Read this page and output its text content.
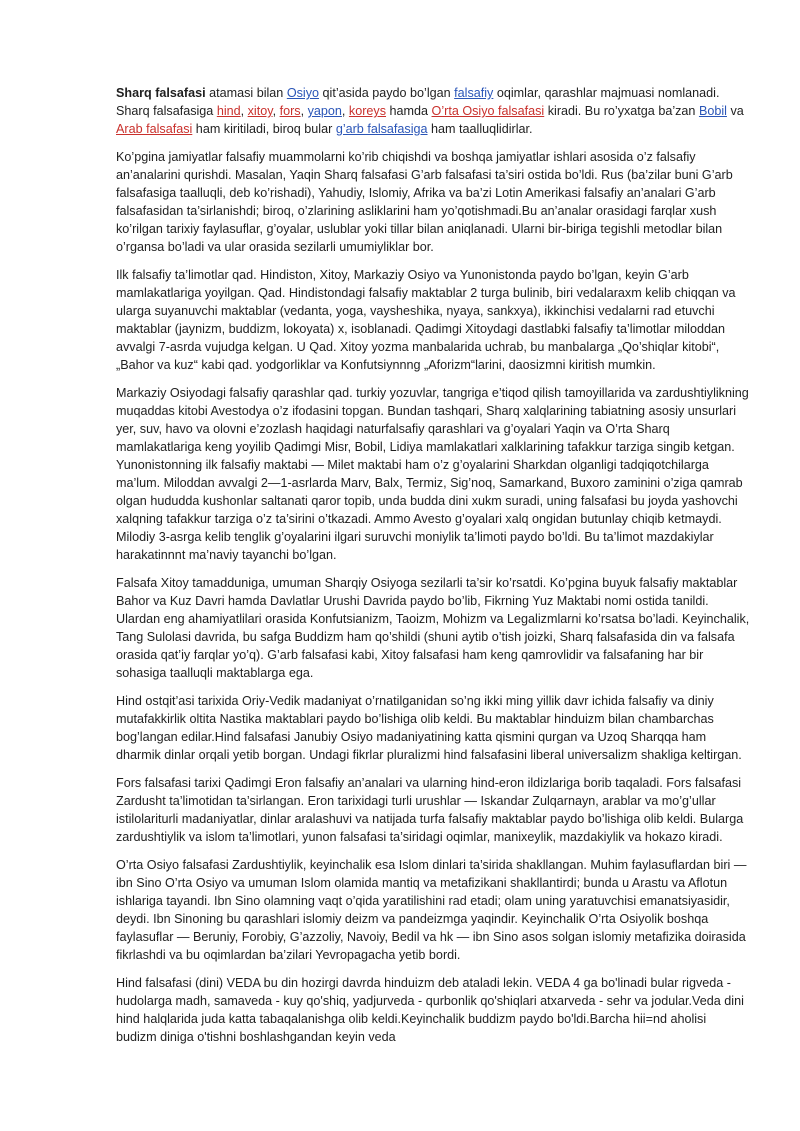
Sharq falsafasi atamasi bilan Osiyo qit’asida paydo bo’lgan falsafiy oqimlar, qarashlar majmuasi nomlanadi. Sharq falsafasiga hind, xitoy, fors, yapon, koreys hamda O’rta Osiyo falsafasi kiradi. Bu ro’yxatga ba’zan Bobil va Arab falsafasi ham kiritiladi, biroq bular g’arb falsafasiga ham taalluqlidirlar.

Ko’pgina jamiyatlar falsafiy muammolarni ko’rib chiqishdi va boshqa jamiyatlar ishlari asosida o’z falsafiy an’analarini qurishdi. Masalan, Yaqin Sharq falsafasi G’arb falsafasi ta’siri ostida bo’ldi. Rus (ba’zilar buni G’arb falsafasiga taalluqli, deb ko’rishadi), Yahudiy, Islomiy, Afrika va ba’zi Lotin Amerikasi falsafiy an’analari G’arb falsafasidan ta’sirlanishdi; biroq, o’zlarining asliklarini ham yo’qotishmadi.Bu an’analar orasidagi farqlar xush ko’rilgan tarixiy faylasuflar, g’oyalar, uslublar yoki tillar bilan aniqlanadi. Ularni bir-biriga tegishli metodlar bilan o’rgansa bo’ladi va ular orasida sezilarli umumiyliklar bor.

Ilk falsafiy ta’limotlar qad. Hindiston, Xitoy, Markaziy Osiyo va Yunonistonda paydo bo’lgan, keyin G’arb mamlakatlariga yoyilgan. Qad. Hindistondagi falsafiy maktablar 2 turga bulinib, biri vedalaraxm kelib chiqqan va ularga suyanuvchi maktablar (vedanta, yoga, vaysheshika, nyaya, sankxya), ikkinchisi vedalarni rad etuvchi maktablar (jaynizm, buddizm, lokoyata) x, isoblanadi. Qadimgi Xitoydagi dastlabki falsafiy ta’limotlar miloddan avvalgi 7-asrda vujudga kelgan. U Qad. Xitoy yozma manbalarida uchrab, bu manbalarga „Qo’shiqlar kitobi“, „Bahor va kuz“ kabi qad. yodgorliklar va Konfutsiynnng „Aforizm“larini, daosizmni kiritish mumkin.

Markaziy Osiyodagi falsafiy qarashlar qad. turkiy yozuvlar, tangriga e’tiqod qilish tamoyillarida va zardushtiylikning muqaddas kitobi Avestodya o’z ifodasini topgan. Bundan tashqari, Sharq xalqlarining tabiatning asosiy unsurlari yer, suv, havo va olovni e’zozlash haqidagi naturfalsafiy qarashlari va g’oyalari Yaqin va O’rta Sharq mamlakatlariga keng yoyilib Qadimgi Misr, Bobil, Lidiya mamlakatlari xalklarining tafakkur tarziga singib ketgan. Yunonistonning ilk falsafiy maktabi — Milet maktabi ham o’z g’oyalarini Sharkdan olganligi tadqiqotchilarga ma’lum. Miloddan avvalgi 2—1-asrlarda Marv, Balx, Termiz, Sig’noq, Samarkand, Buxoro zaminini o’ziga qamrab olgan hududda kushonlar saltanati qaror topib, unda budda dini xukm suradi, uning falsafasi bu joyda yashovchi xalqning tafakkur tarziga o’z ta’sirini o’tkazadi. Ammo Avesto g’oyalari xalq ongidan butunlay chiqib ketmaydi. Milodiy 3-asrga kelib tenglik g’oyalarini ilgari suruvchi moniylik ta’limoti paydo bo’ldi. Bu ta’limot mazdakiylar harakatinnnt ma’naviy tayanchi bo’lgan.

Falsafa Xitoy tamadduniga, umuman Sharqiy Osiyoga sezilarli ta’sir ko’rsatdi. Ko’pgina buyuk falsafiy maktablar Bahor va Kuz Davri hamda Davlatlar Urushi Davrida paydo bo’lib, Fikrning Yuz Maktabi nomi ostida tanildi. Ulardan eng ahamiyatlilari orasida Konfutsianizm, Taoizm, Mohizm va Legalizmlarni ko’rsatsa bo’ladi. Keyinchalik, Tang Sulolasi davrida, bu safga Buddizm ham qo’shildi (shuni aytib o’tish joizki, Sharq falsafasida din va falsafa orasida qat’iy farqlar yo’q). G’arb falsafasi kabi, Xitoy falsafasi ham keng qamrovlidir va falsafaning har bir sohasiga taalluqli maktablarga ega.

Hind ostqit’asi tarixida Oriy-Vedik madaniyat o’rnatilganidan so’ng ikki ming yillik davr ichida falsafiy va diniy mutafakkirlik oltita Nastika maktablari paydo bo’lishiga olib keldi. Bu maktablar hinduizm bilan chambarchas bog’langan edilar.Hind falsafasi Janubiy Osiyo madaniyatining katta qismini qurgan va Uzoq Sharqqa ham dharmik dinlar orqali yetib borgan. Undagi fikrlar pluralizmi hind falsafasini liberal universalizm shakliga keltirgan.

Fors falsafasi tarixi Qadimgi Eron falsafiy an’analari va ularning hind-eron ildizlariga borib taqaladi. Fors falsafasi Zardusht ta’limotidan ta’sirlangan. Eron tarixidagi turli urushlar — Iskandar Zulqarnayn, arablar va mo’g’ullar istilolariturli madaniyatlar, dinlar aralashuvi va natijada turfa falsafiy maktablar paydo bo’lishiga olib keldi. Bularga zardushtiylik va islom ta’limotlari, yunon falsafasi ta’siridagi oqimlar, manixeylik, mazdakiylik va hokazo kiradi.

O’rta Osiyo falsafasi Zardushtiylik, keyinchalik esa Islom dinlari ta’sirida shakllangan. Muhim faylasuflardan biri — ibn Sino O’rta Osiyo va umuman Islom olamida mantiq va metafizikani shakllantirdi; bunda u Arastu va Aflotun ishlariga tayandi. Ibn Sino olamning vaqt o’qida yaratilishini rad etadi; olam uning yaratuvchisi emanatsiyasidir, deydi. Ibn Sinoning bu qarashlari islomiy deizm va pandeizmga yaqindir. Keyinchalik O’rta Osiyolik boshqa faylasuflar — Beruniy, Forobiy, G’azzoliy, Navoiy, Bedil va hk — ibn Sino asos solgan islomiy metafizika doirasida fikrlashdi va bu oqimlardan ba’zilari Yevropagacha yetib bordi.

Hind falsafasi (dini) VEDA bu din hozirgi davrda hinduizm deb ataladi lekin. VEDA 4 ga bo'linadi bular rigveda - hudolarga madh, samaveda - kuy qo'shiq, yadjurveda - qurbonlik qo'shiqlari atxarveda - sehr va jodular.Veda dini hind halqlarida juda katta tabaqalanishga olib keldi.Keyinchalik buddizm paydo bo'ldi.Barcha hii=nd aholisi budizm diniga o'tishni boshlashgandan keyin veda
